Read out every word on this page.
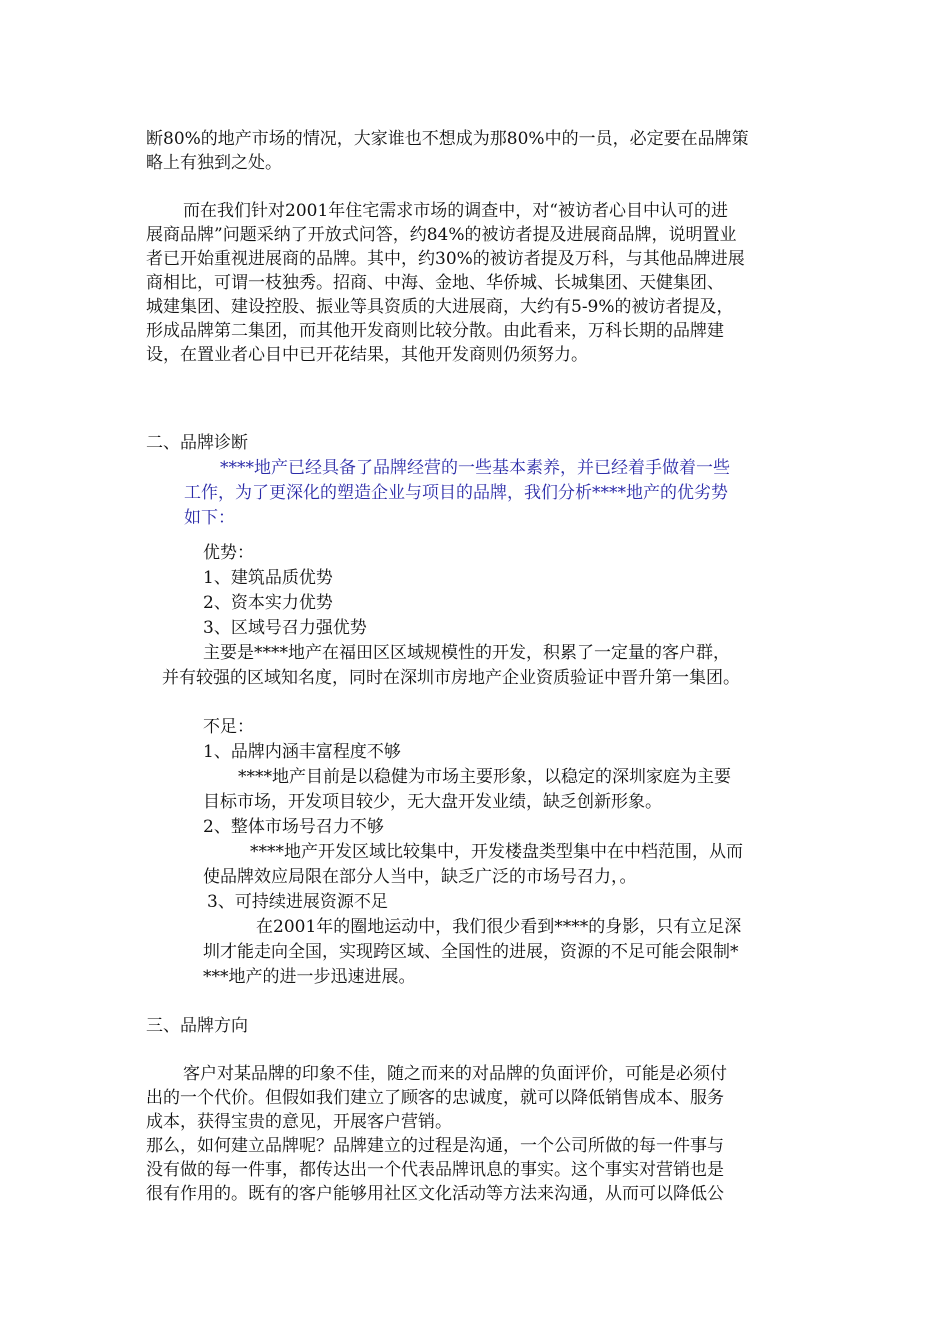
断80%的地产市场的情况，大家谁也不想成为那80%中的一员，必定要在品牌策
略上有独到之处。
而在我们针对2001年住宅需求市场的调查中，对“被访者心目中认可的进
展商品牌”问题采纳了开放式问答，约84%的被访者提及进展商品牌，说明置业
者已开始重视进展商的品牌。其中，约30%的被访者提及万科，与其他品牌进展
商相比，可谓一枝独秀。招商、中海、金地、华侨城、长城集团、天健集团、
城建集团、建设控股、振业等具资质的大进展商，大约有5-9%的被访者提及，
形成品牌第二集团，而其他开发商则比较分散。由此看来，万科长期的品牌建
设，在置业者心目中已开花结果，其他开发商则仍须努力。
二、品牌诊断
****地产已经具备了品牌经营的一些基本素养，并已经着手做着一些
工作，为了更深化的塑造企业与项目的品牌，我们分析****地产的优劣势
如下：
优势：
1、建筑品质优势
2、资本实力优势
3、区域号召力强优势
主要是****地产在福田区区域规模性的开发，积累了一定量的客户群，
并有较强的区域知名度，同时在深圳市房地产企业资质验证中晋升第一集团。
不足：
1、品牌内涵丰富程度不够
****地产目前是以稳健为市场主要形象，以稳定的深圳家庭为主要
目标市场，开发项目较少，无大盘开发业绩，缺乏创新形象。
2、整体市场号召力不够
****地产开发区域比较集中，开发楼盘类型集中在中档范围，从而
使品牌效应局限在部分人当中，缺乏广泛的市场号召力，。
3、可持续进展资源不足
在2001年的圈地运动中，我们很少看到****的身影，只有立足深
圳才能走向全国，实现跨区域、全国性的进展，资源的不足可能会限制*
***地产的进一步迅速进展。
三、品牌方向
客户对某品牌的印象不佳，随之而来的对品牌的负面评价，可能是必须付
出的一个代价。但假如我们建立了顾客的忠诚度，就可以降低销售成本、服务
成本，获得宝贵的意见，开展客户营销。
那么，如何建立品牌呢？品牌建立的过程是沟通，一个公司所做的每一件事与
没有做的每一件事，都传达出一个代表品牌讯息的事实。这个事实对营销也是
很有作用的。既有的客户能够用社区文化活动等方法来沟通，从而可以降低公
